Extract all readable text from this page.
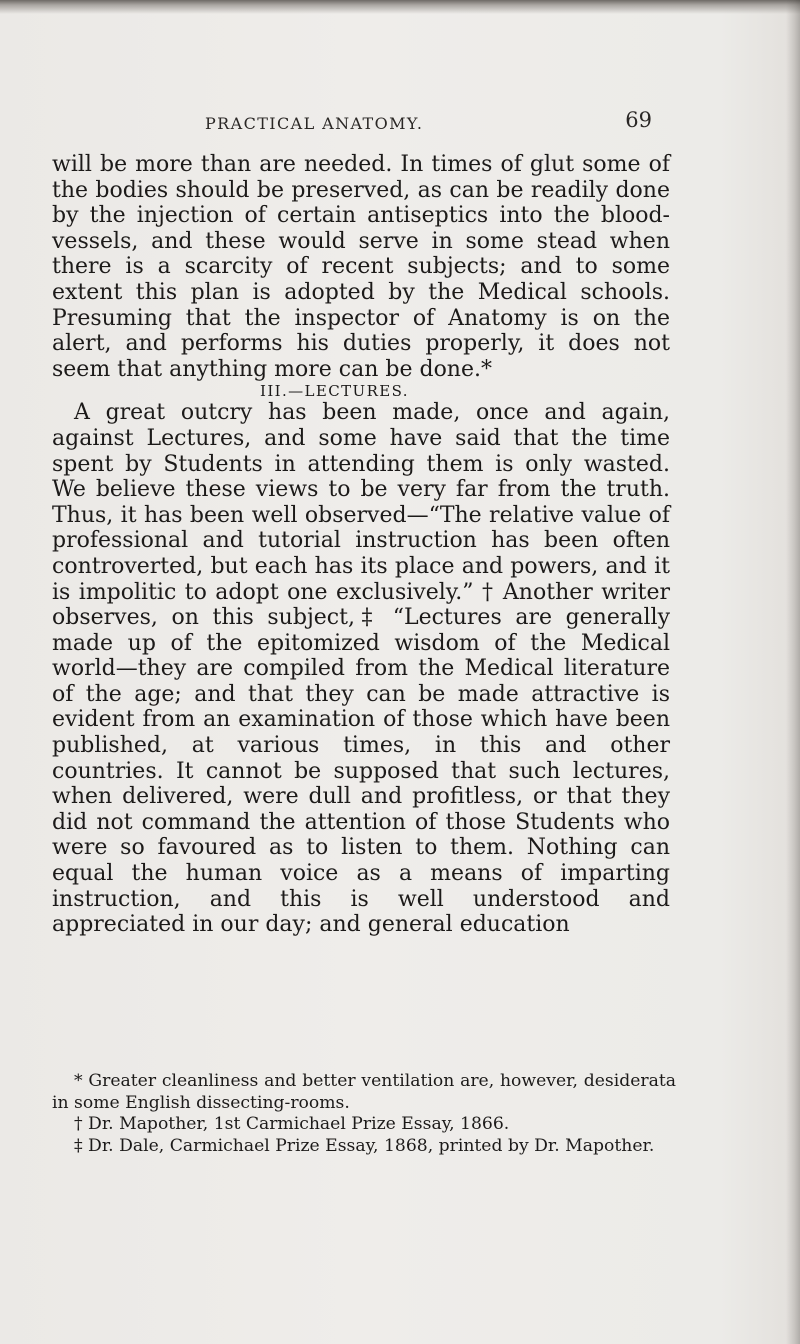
PRACTICAL ANATOMY.	69

will be more than are needed. In times of glut some of the bodies should be preserved, as can be readily done by the injection of certain antiseptics into the blood-vessels, and these would serve in some stead when there is a scarcity of recent subjects; and to some extent this plan is adopted by the Medical schools. Presuming that the inspector of Anatomy is on the alert, and performs his duties properly, it does not seem that anything more can be done.*

III.—LECTURES.

A great outcry has been made, once and again, against Lectures, and some have said that the time spent by Students in attending them is only wasted. We believe these views to be very far from the truth. Thus, it has been well observed—“The relative value of professional and tutorial instruction has been often controverted, but each has its place and powers, and it is impolitic to adopt one exclusively.” † Another writer observes, on this subject,‡ “Lectures are generally made up of the epitomized wisdom of the Medical world—they are compiled from the Medical literature of the age; and that they can be made attractive is evident from an examination of those which have been published, at various times, in this and other countries. It cannot be supposed that such lectures, when delivered, were dull and profitless, or that they did not command the attention of those Students who were so favoured as to listen to them. Nothing can equal the human voice as a means of imparting instruction, and this is well understood and appreciated in our day; and general education

* Greater cleanliness and better ventilation are, however, desiderata in some English dissecting-rooms.

† Dr. Mapother, 1st Carmichael Prize Essay, 1866.

‡ Dr. Dale, Carmichael Prize Essay, 1868, printed by Dr. Mapother.
